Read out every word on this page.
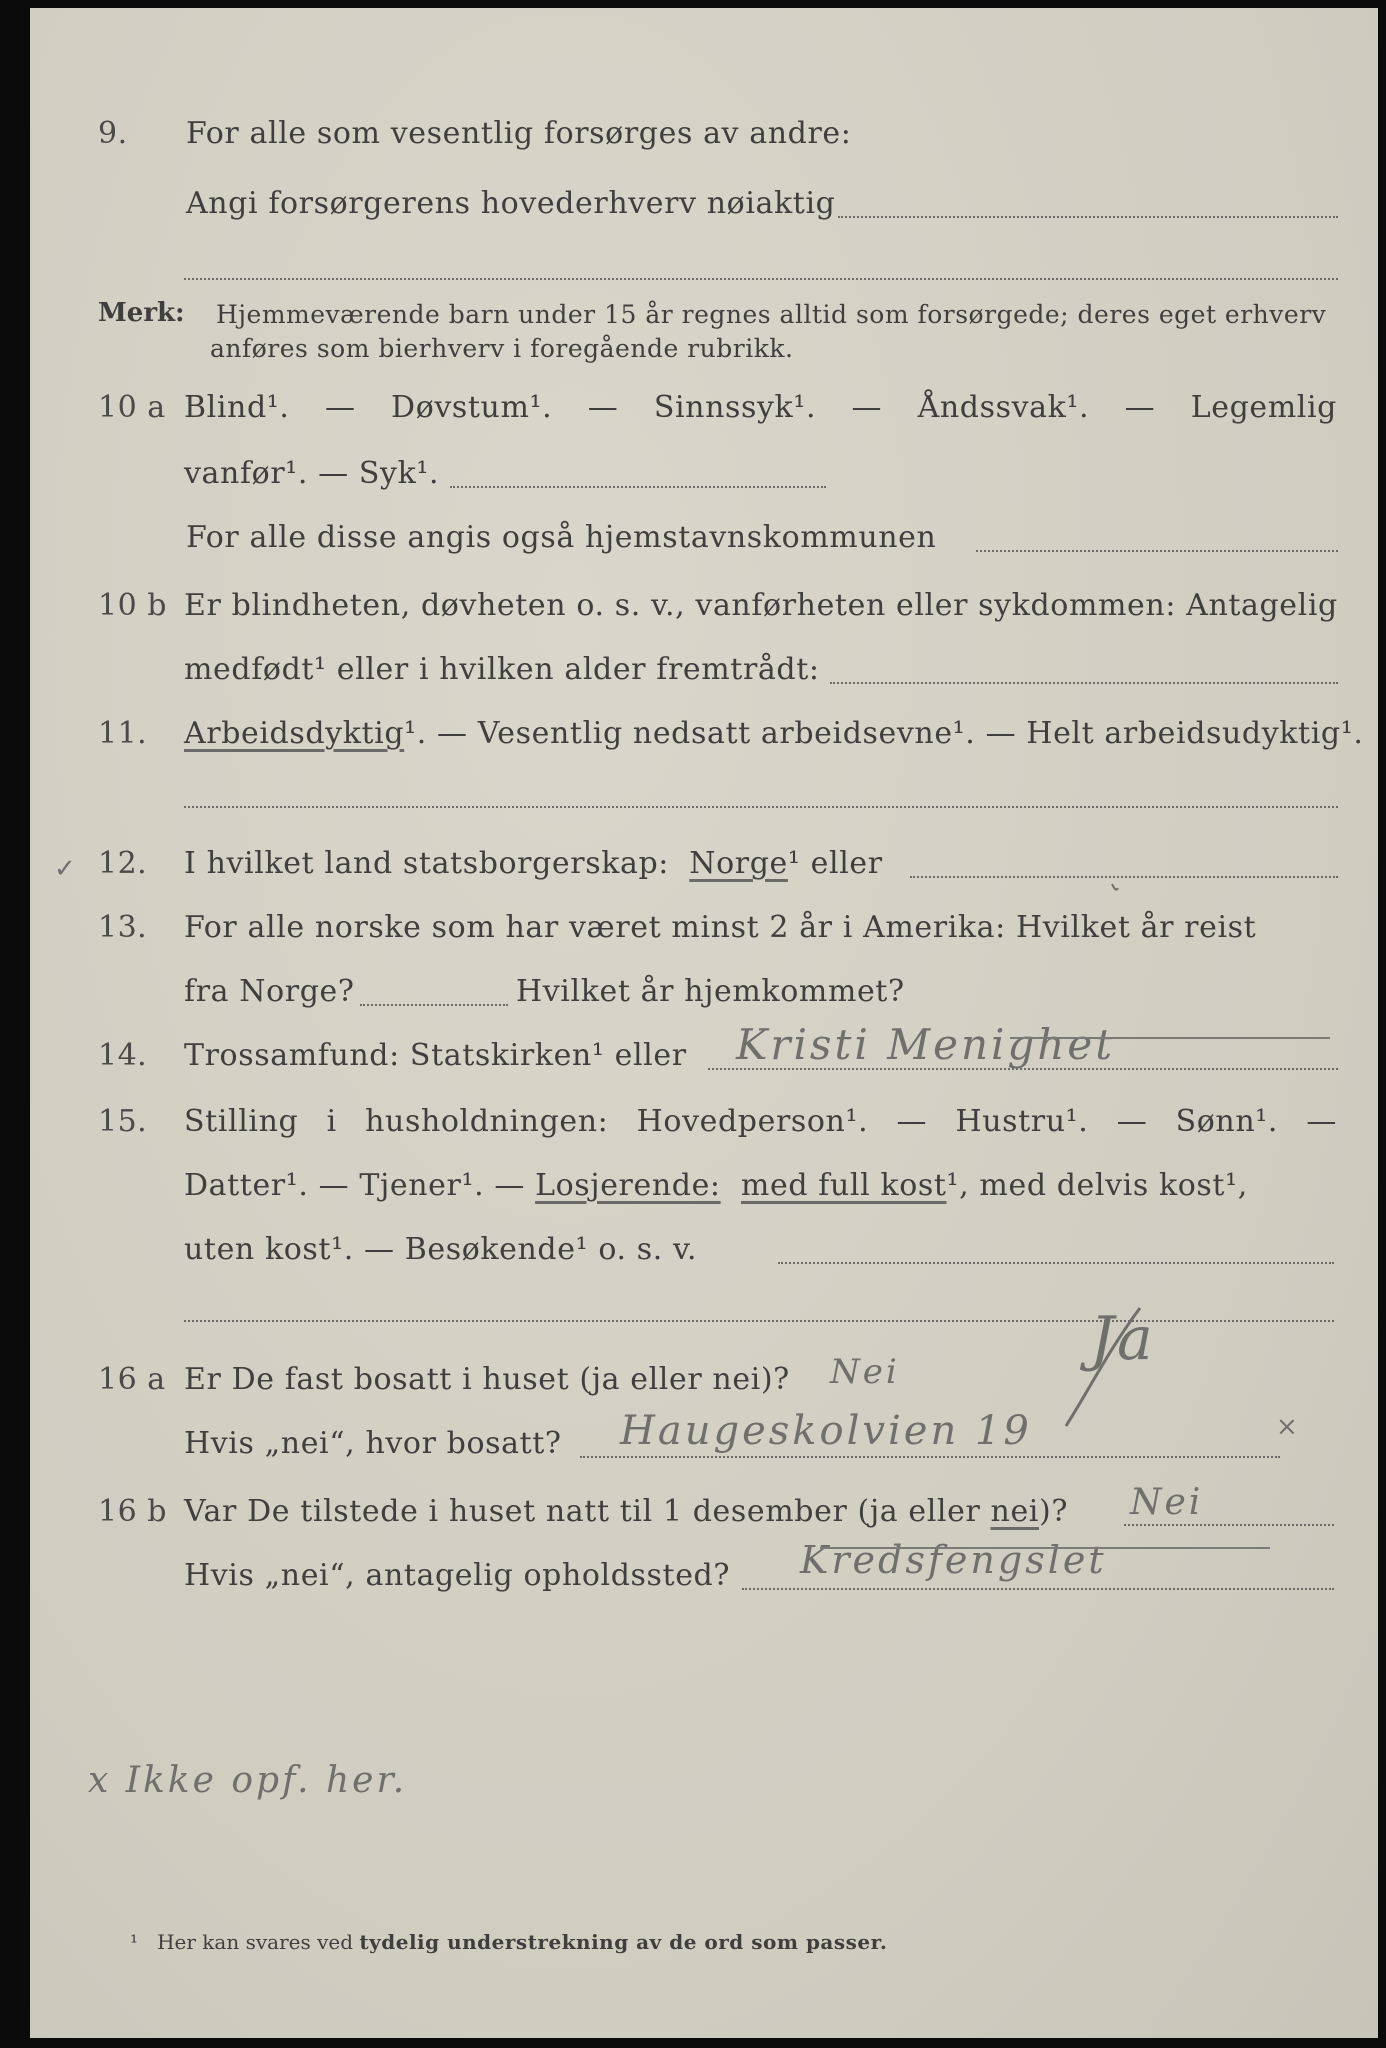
9. For alle som vesentlig forsørges av andre:
Angi forsørgerens hovederhverv nøiaktig
Merk: Hjemmeværende barn under 15 år regnes alltid som forsørgede; deres eget erhverv
anføres som bierhverv i foregående rubrikk.
10 a Blind¹. — Døvstum¹. — Sinnssyk¹. — Åndssvak¹. — Legemlig
vanfør¹. — Syk¹.
For alle disse angis også hjemstavnskommunen
10 b Er blindheten, døvheten o. s. v., vanførheten eller sykdommen: Antagelig
medfødt¹ eller i hvilken alder fremtrådt:
11. Arbeidsdyktig¹. — Vesentlig nedsatt arbeidsevne¹. — Helt arbeidsudyktig¹.
✓ 12. I hvilket land statsborgerskap: Norge¹ eller
13. For alle norske som har været minst 2 år i Amerika: Hvilket år reist
fra Norge?	Hvilket år hjemkommet?
14. Trossamfund: Statskirken¹ eller Kristi Menighet
15. Stilling i husholdningen: Hovedperson¹. — Hustru¹. — Sønn¹. —
Datter¹. — Tjener¹. — Losjerende: med full kost¹, med delvis kost¹,
uten kost¹. — Besøkende¹ o. s. v.
16 a Er De fast bosatt i huset (ja eller nei)? Nei	Ja
Hvis „nei“, hvor bosatt? Haugeskolvien 19	×
16 b Var De tilstede i huset natt til 1 desember (ja eller nei)? Nei
Hvis „nei“, antagelig opholdssted? Kredsfengslet
x Ikke opf. her.
¹ Her kan svares ved tydelig understrekning av de ord som passer.
